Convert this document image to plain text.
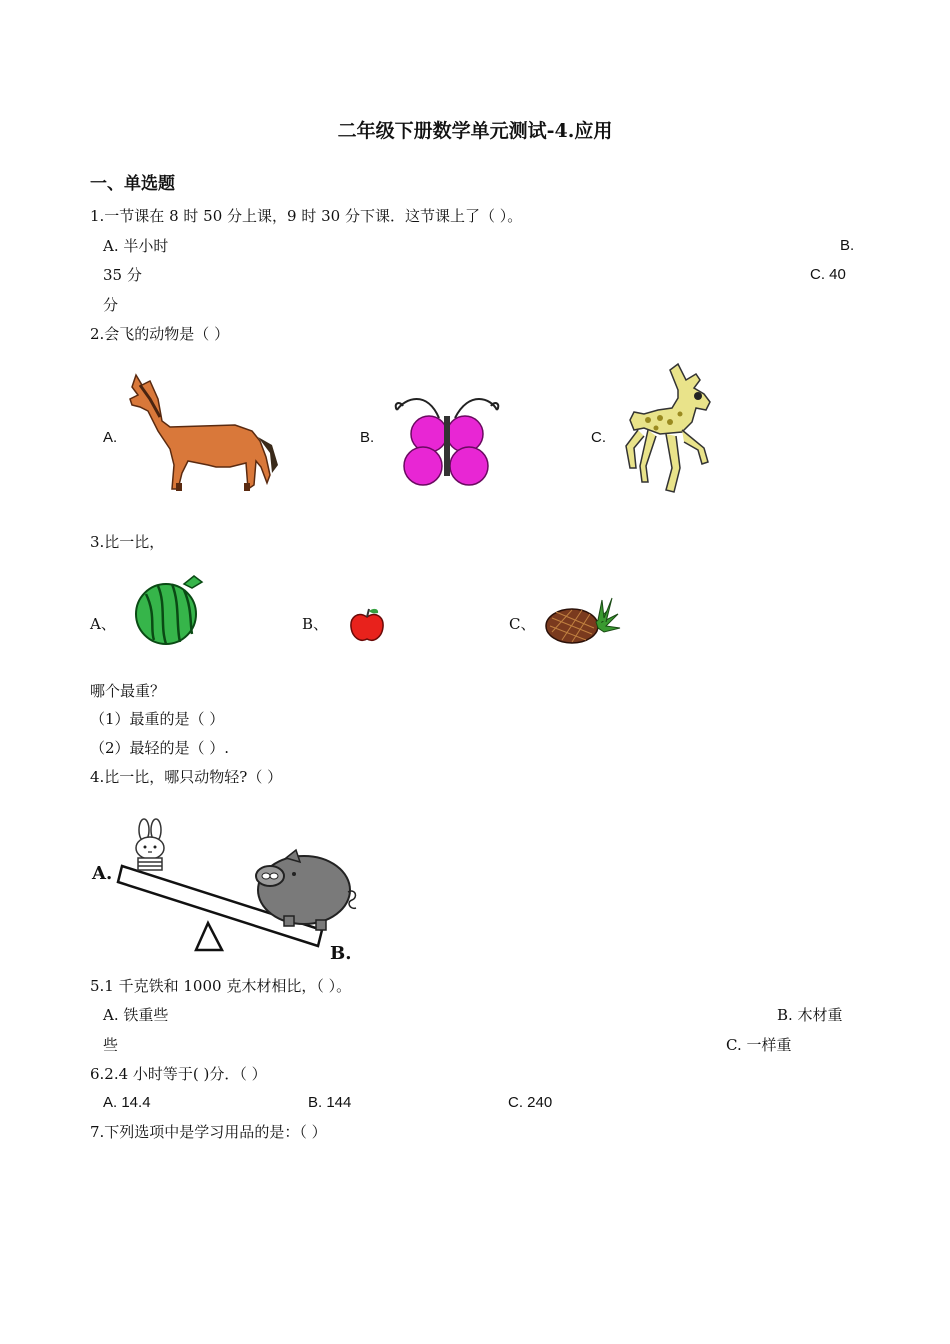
二年级下册数学单元测试-4.应用
一、单选题
1.一节课在 8 时 50 分上课，9 时 30 分下课．这节课上了（ ）。
A. 半小时	B.
35 分	C. 40
分
2.会飞的动物是（ ）
A.	B.	C.
3.比一比，
A、	B、	C、
哪个最重？
（1）最重的是（ ）
（2）最轻的是（ ）.
4.比一比，哪只动物轻?（ ）
A.
B.
5.1 千克铁和 1000 克木材相比，（ ）。
A. 铁重些	B. 木材重
些	C. 一样重
6.2.4 小时等于( )分．（ ）
A. 14.4	B. 144	C. 240
7.下列选项中是学习用品的是：（ ）
